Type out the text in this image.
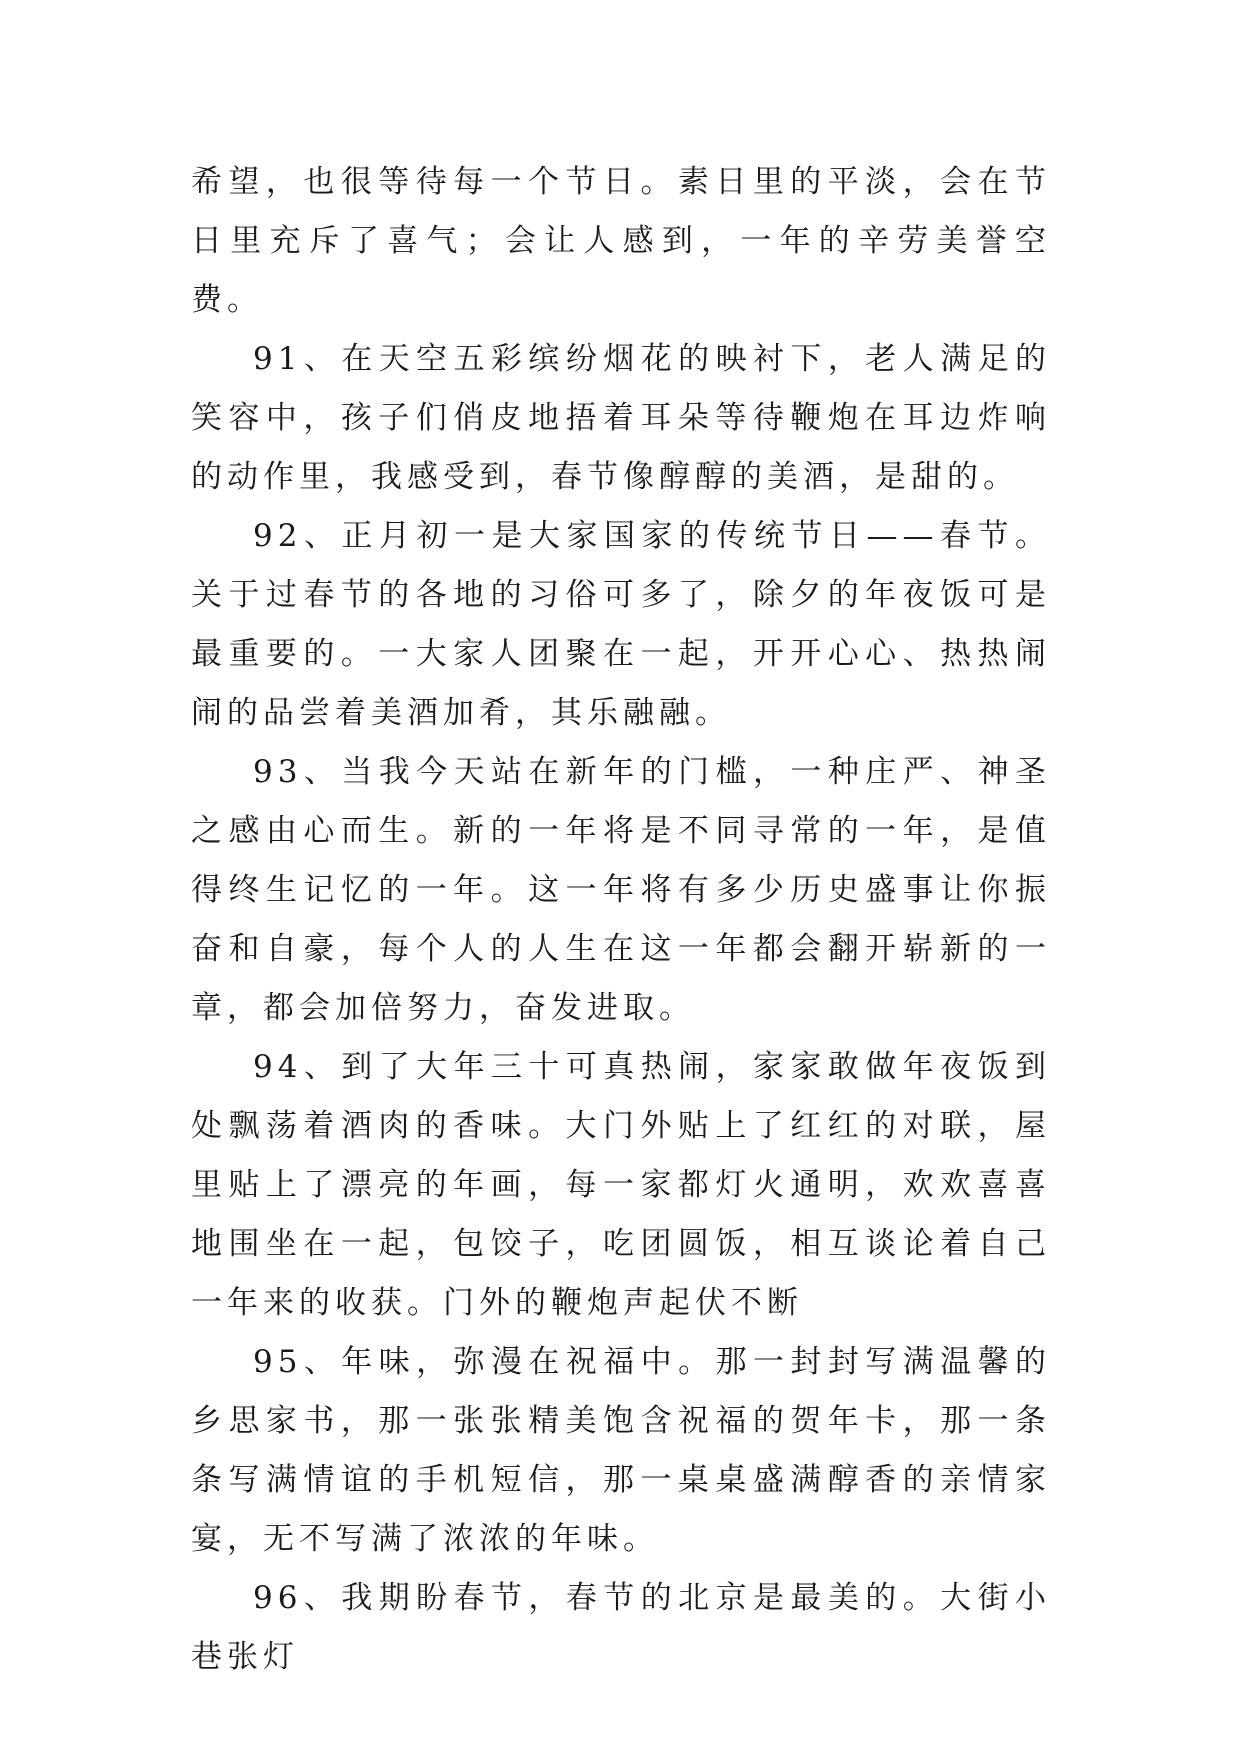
希望，也很等待每一个节日。素日里的平淡，会在节日里充斥了喜气；会让人感到，一年的辛劳美誉空费。

91、在天空五彩缤纷烟花的映衬下，老人满足的笑容中，孩子们俏皮地捂着耳朵等待鞭炮在耳边炸响的动作里，我感受到，春节像醇醇的美酒，是甜的。

92、正月初一是大家国家的传统节日——春节。关于过春节的各地的习俗可多了，除夕的年夜饭可是最重要的。一大家人团聚在一起，开开心心、热热闹闹的品尝着美酒加肴，其乐融融。

93、当我今天站在新年的门槛，一种庄严、神圣之感由心而生。新的一年将是不同寻常的一年，是值得终生记忆的一年。这一年将有多少历史盛事让你振奋和自豪，每个人的人生在这一年都会翻开崭新的一章，都会加倍努力，奋发进取。

94、到了大年三十可真热闹，家家敢做年夜饭到处飘荡着酒肉的香味。大门外贴上了红红的对联，屋里贴上了漂亮的年画，每一家都灯火通明，欢欢喜喜地围坐在一起，包饺子，吃团圆饭，相互谈论着自己一年来的收获。门外的鞭炮声起伏不断

95、年味，弥漫在祝福中。那一封封写满温馨的乡思家书，那一张张精美饱含祝福的贺年卡，那一条条写满情谊的手机短信，那一桌桌盛满醇香的亲情家宴，无不写满了浓浓的年味。

96、我期盼春节，春节的北京是最美的。大街小巷张灯
